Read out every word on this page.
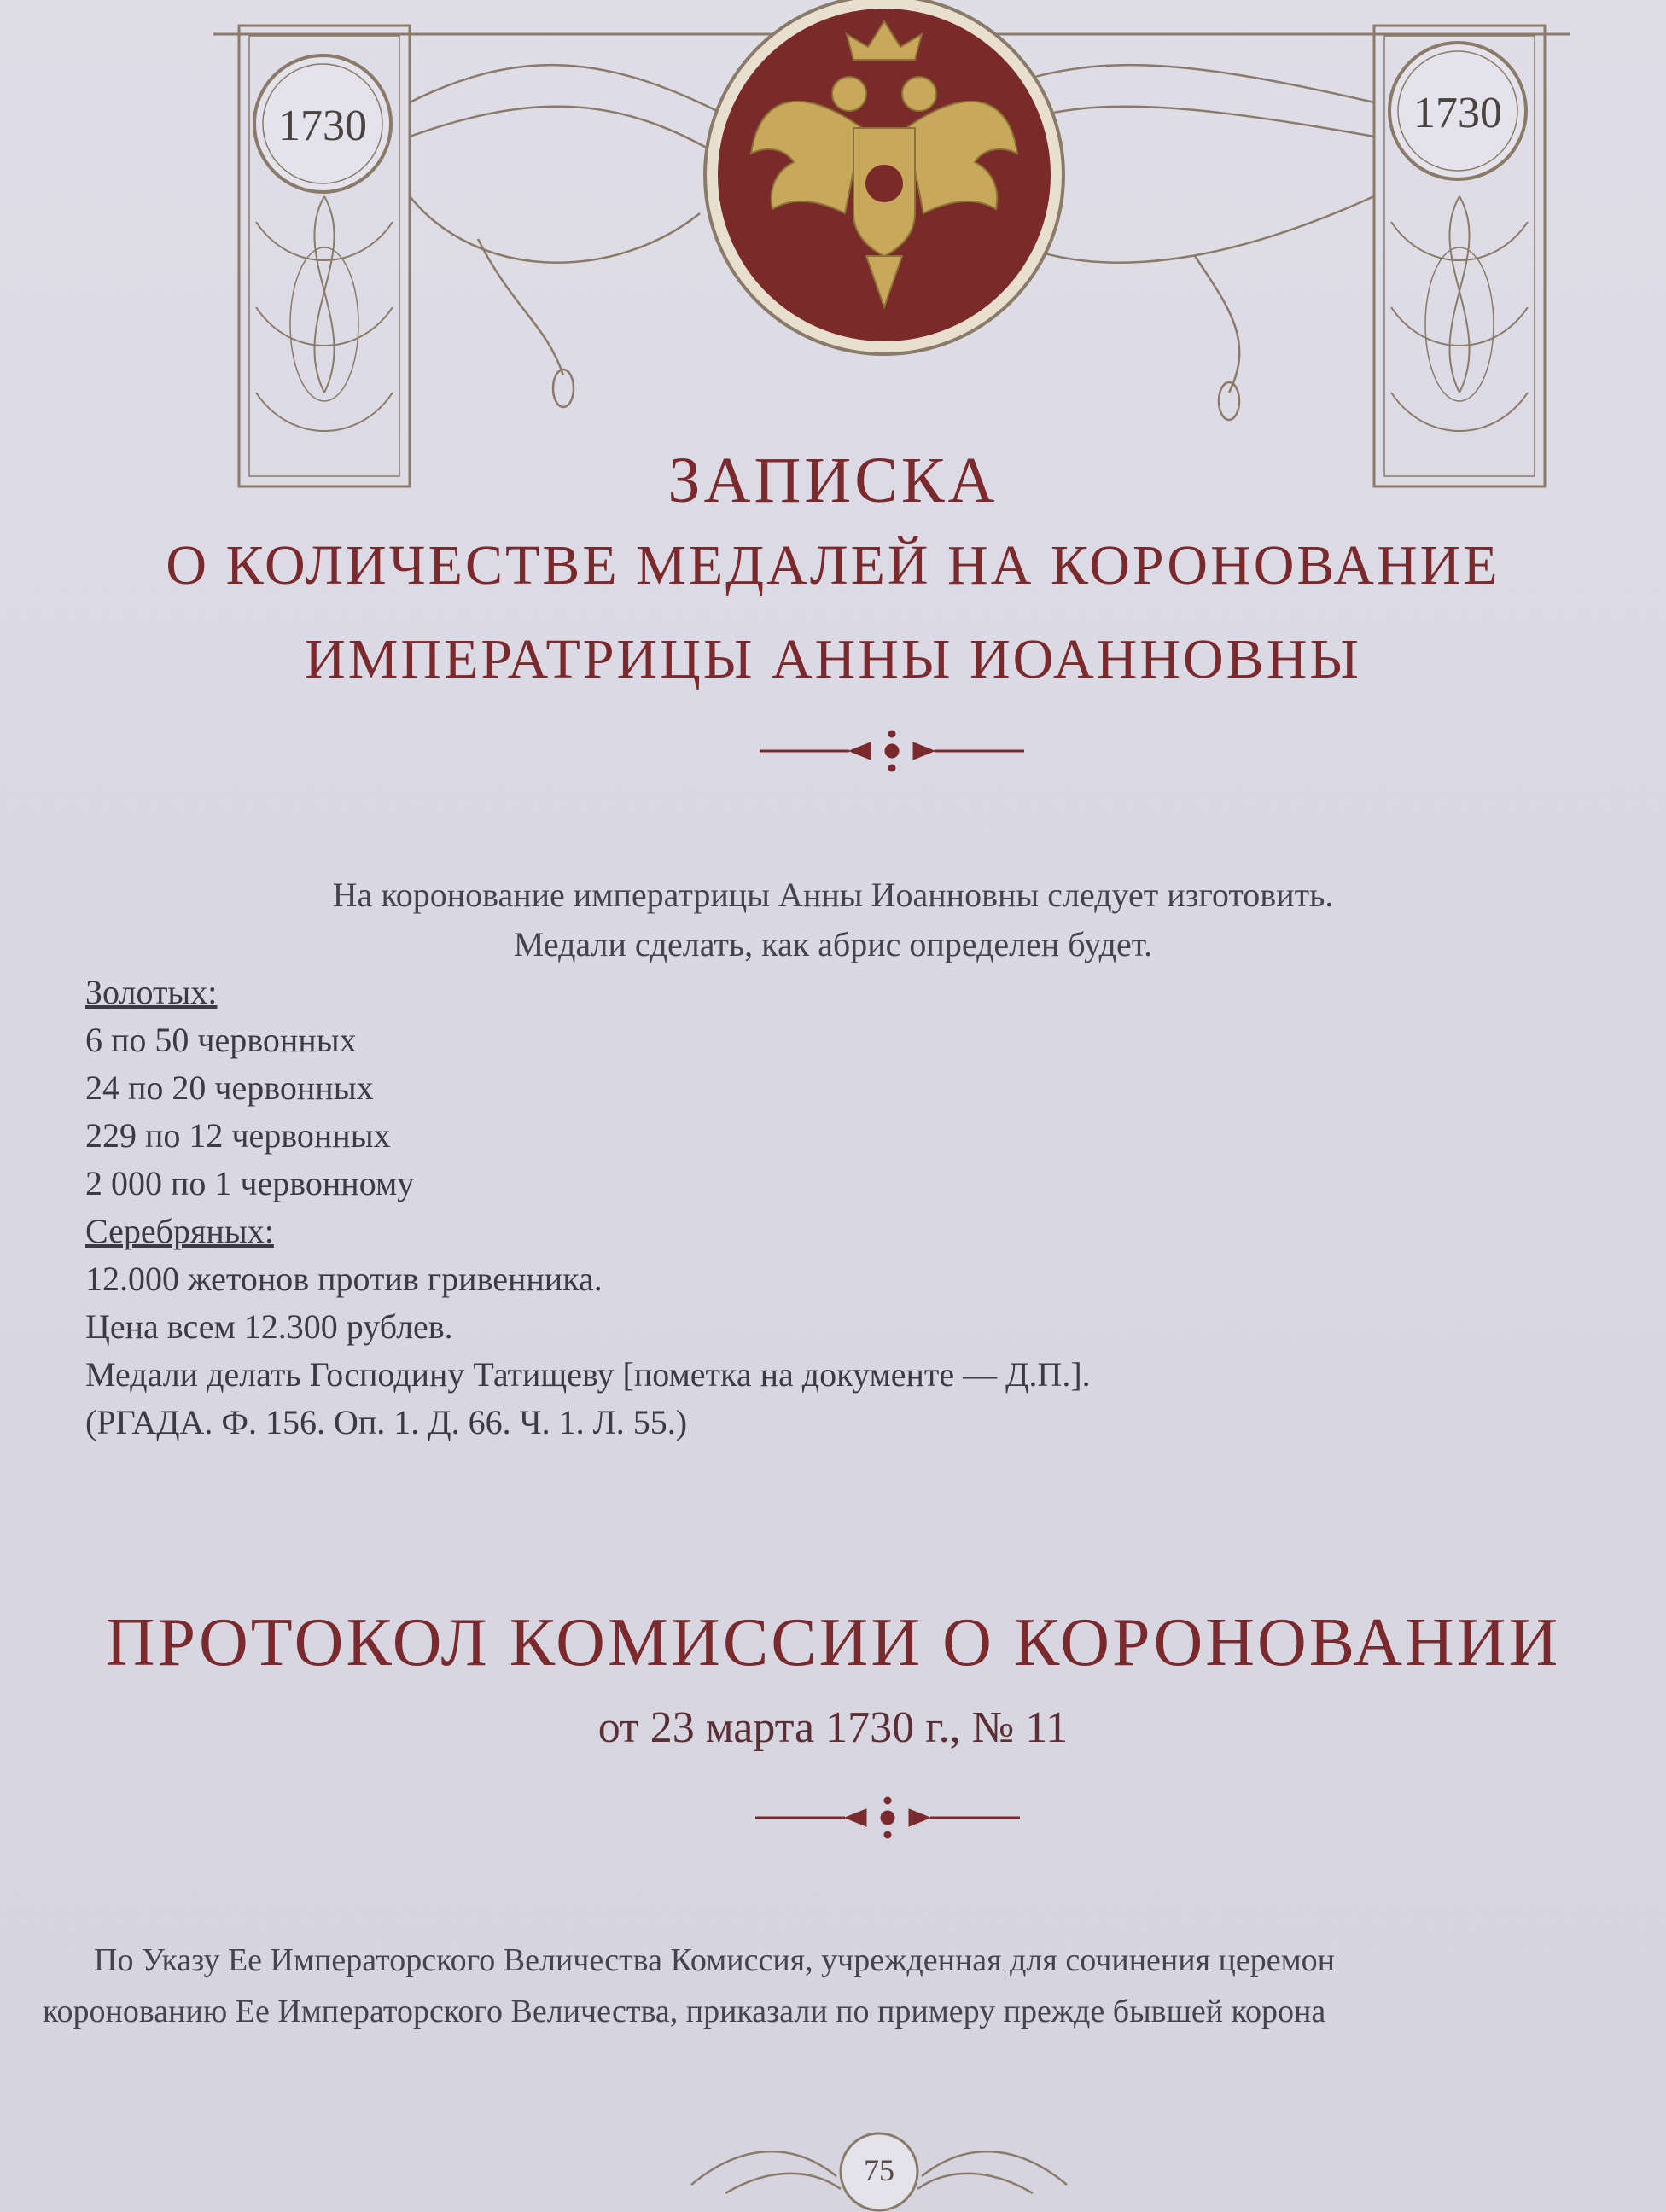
1730	1730
ЗАПИСКА
О КОЛИЧЕСТВЕ МЕДАЛЕЙ НА КОРОНОВАНИЕ
ИМПЕРАТРИЦЫ АННЫ ИОАННОВНЫ
На коронование императрицы Анны Иоанновны следует изготовить.
Медали сделать, как абрис определен будет.
Золотых:
6 по 50 червонных
24 по 20 червонных
229 по 12 червонных
2 000 по 1 червонному
Серебряных:
12.000 жетонов против гривенника.
Цена всем 12.300 рублев.
Медали делать Господину Татищеву [пометка на документе — Д.П.].
(РГАДА. Ф. 156. Оп. 1. Д. 66. Ч. 1. Л. 55.)
ПРОТОКОЛ КОМИССИИ О КОРОНОВАНИИ
от 23 марта 1730 г., № 11
По Указу Ее Императорского Величества Комиссия, учрежденная для сочинения церемон
коронованию Ее Императорского Величества, приказали по примеру прежде бывшей корона
75
